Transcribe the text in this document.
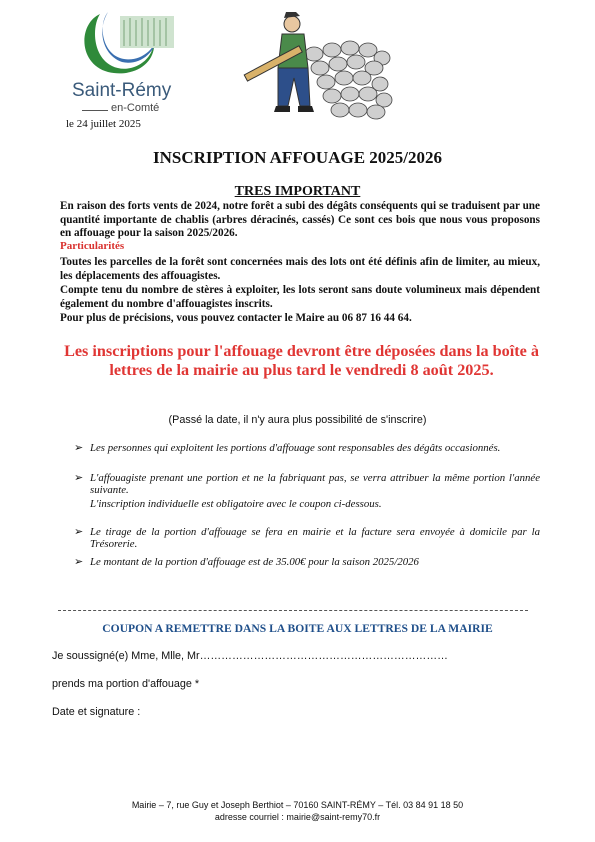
Saint-Rémy
en-Comté
le 24 juillet 2025
INSCRIPTION AFFOUAGE 2025/2026
TRES IMPORTANT
En raison des forts vents de 2024, notre forêt a subi des dégâts conséquents qui se traduisent par une quantité importante de chablis (arbres déracinés, cassés) Ce sont ces bois que nous vous proposons en affouage pour la saison 2025/2026.
Particularités
Toutes les parcelles de la forêt sont concernées mais des lots ont été définis afin de limiter, au mieux, les déplacements des affouagistes.
Compte tenu du nombre de stères à exploiter, les lots seront sans doute volumineux mais dépendent également du nombre d'affouagistes inscrits.
Pour plus de précisions, vous pouvez contacter le Maire au 06 87 16 44 64.
Les inscriptions pour l'affouage devront être déposées dans la boîte à lettres de la mairie au plus tard le vendredi 8 août 2025.
(Passé la date, il n'y aura plus possibilité de s'inscrire)
➢ Les personnes qui exploitent les portions d'affouage sont responsables des dégâts occasionnés.
➢ L'affouagiste prenant une portion et ne la fabriquant pas, se verra attribuer la même portion l'année suivante.
L'inscription individuelle est obligatoire avec le coupon ci-dessous.
➢ Le tirage de la portion d'affouage se fera en mairie et la facture sera envoyée à domicile par la Trésorerie.
➢ Le montant de la portion d'affouage est de 35.00€ pour la saison 2025/2026
COUPON A REMETTRE DANS LA BOITE AUX LETTRES DE LA MAIRIE
Je soussigné(e) Mme, Mlle, Mr……………………………………………………………
prends ma portion d'affouage *
Date et signature :
Mairie – 7, rue Guy et Joseph Berthiot – 70160 SAINT-RÉMY – Tél. 03 84 91 18 50
adresse courriel : mairie@saint-remy70.fr
